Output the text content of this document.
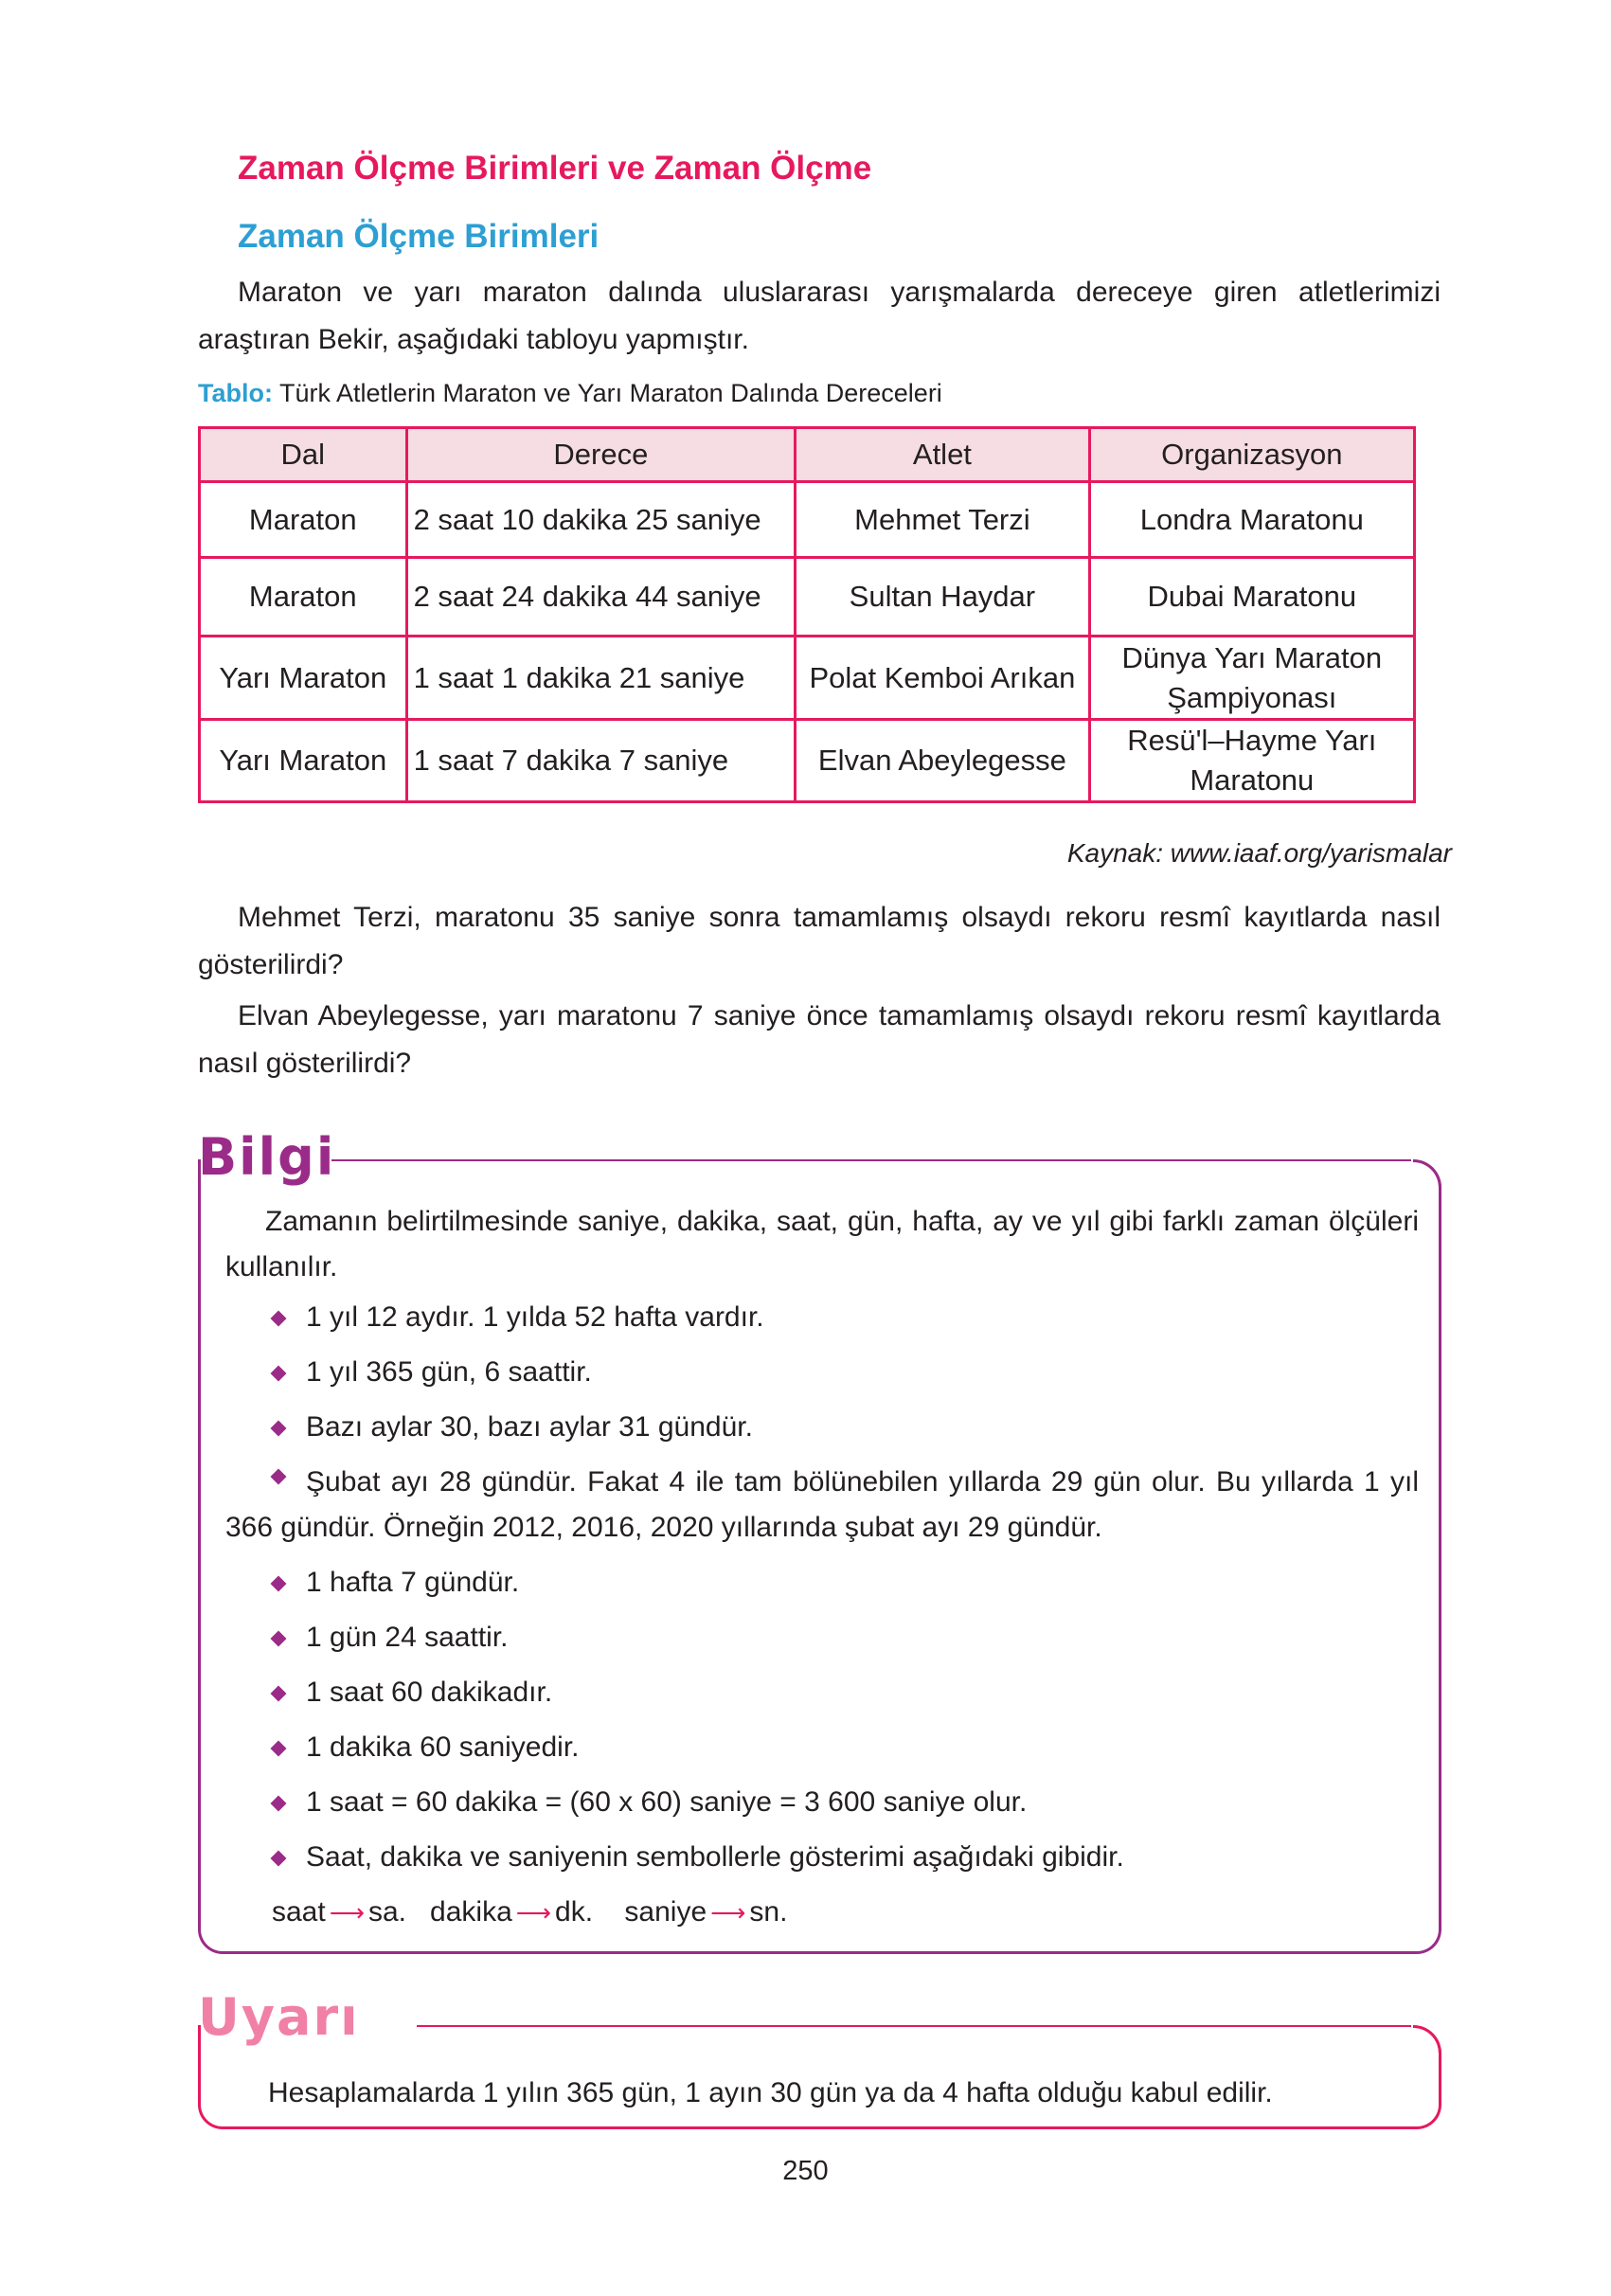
Zaman Ölçme Birimleri ve Zaman Ölçme
Zaman Ölçme Birimleri
Maraton ve yarı maraton dalında uluslararası yarışmalarda dereceye giren atletlerimizi araştıran Bekir, aşağıdaki tabloyu yapmıştır.
Tablo: Türk Atletlerin Maraton ve Yarı Maraton Dalında Dereceleri
Dal	Derece	Atlet	Organizasyon
Maraton	2 saat 10 dakika 25 saniye	Mehmet Terzi	Londra Maratonu
Maraton	2 saat 24 dakika 44 saniye	Sultan Haydar	Dubai Maratonu
Yarı Maraton	1 saat 1 dakika 21 saniye	Polat Kemboi Arıkan	Dünya Yarı Maraton Şampiyonası
Yarı Maraton	1 saat 7 dakika 7 saniye	Elvan Abeylegesse	Resü'l–Hayme Yarı Maratonu
Kaynak: www.iaaf.org/yarismalar
Mehmet Terzi, maratonu 35 saniye sonra tamamlamış olsaydı rekoru resmî kayıtlarda nasıl gösterilirdi?
Elvan Abeylegesse, yarı maratonu 7 saniye önce tamamlamış olsaydı rekoru resmî kayıtlarda nasıl gösterilirdi?
Bilgi
Zamanın belirtilmesinde saniye, dakika, saat, gün, hafta, ay ve yıl gibi farklı zaman ölçüleri kullanılır.
1 yıl 12 aydır. 1 yılda 52 hafta vardır.
1 yıl 365 gün, 6 saattir.
Bazı aylar 30, bazı aylar 31 gündür.
Şubat ayı 28 gündür. Fakat 4 ile tam bölünebilen yıllarda 29 gün olur. Bu yıllarda 1 yıl 366 gündür. Örneğin 2012, 2016, 2020 yıllarında şubat ayı 29 gündür.
1 hafta 7 gündür.
1 gün 24 saattir.
1 saat 60 dakikadır.
1 dakika 60 saniyedir.
1 saat = 60 dakika = (60 x 60) saniye = 3 600 saniye olur.
Saat, dakika ve saniyenin sembollerle gösterimi aşağıdaki gibidir.
saat ⟶ sa. dakika ⟶ dk. saniye ⟶ sn.
Uyarı
Hesaplamalarda 1 yılın 365 gün, 1 ayın 30 gün ya da 4 hafta olduğu kabul edilir.
250
